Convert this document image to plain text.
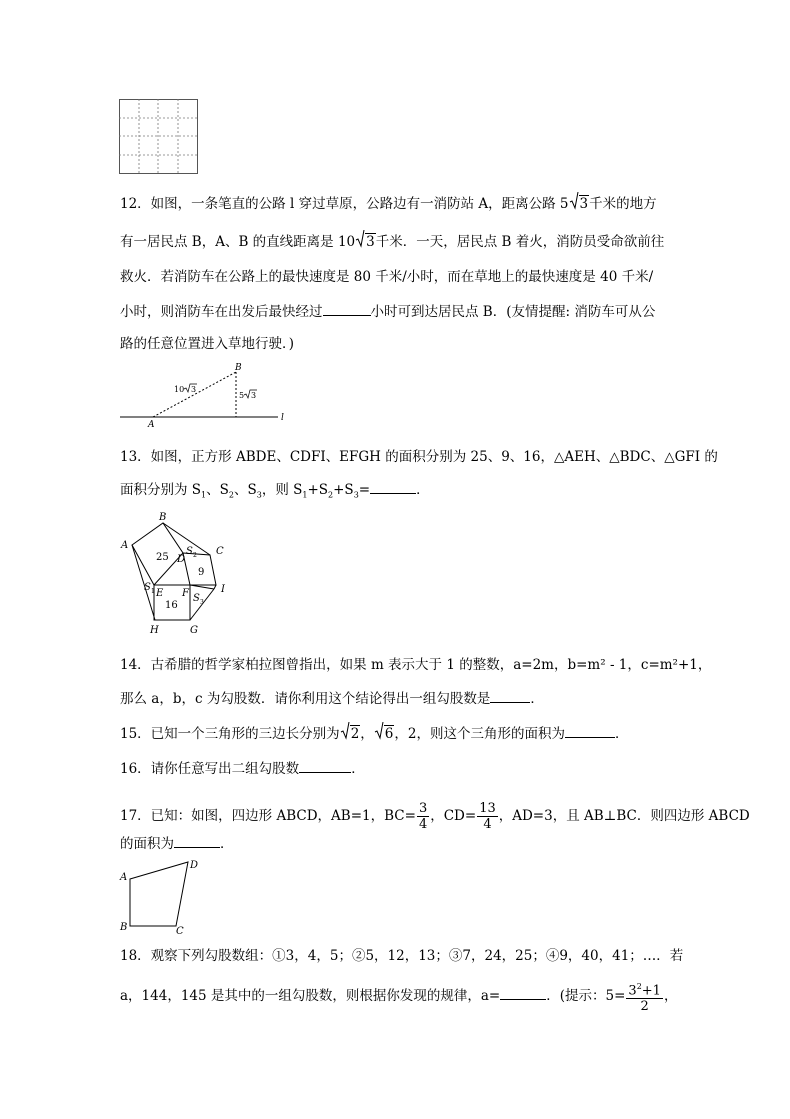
12．如图，一条笔直的公路 l 穿过草原，公路边有一消防站 A，距离公路 5 3千米的地方
有一居民点 B，A、B 的直线距离是 10 3千米．一天，居民点 B 着火，消防员受命欲前往
救火．若消防车在公路上的最快速度是 80 千米/小时，而在草地上的最快速度是 40 千米/
小时，则消防车在出发后最快经过	小时可到达居民点 B．(友情提醒: 消防车可从公
路的任意位置进入草地行驶．)
A
B
l
10 3
5 3
13．如图，正方形 ABDE、CDFI、EFGH 的面积分别为 25、9、16，△AEH、△BDC、△GFI 的
面积分别为 $S_1$、$S_2$、$S_3$，则 $S_1+S_2+S_3=$	．
A
B
C
D
E F
G
H
I
25
9
16
S 2
S 1
S 3
14．古希腊的哲学家柏拉图曾指出，如果 m 表示大于 1 的整数，a=2m，b=m² - 1，c=m²+1，
那么 a，b，c 为勾股数．请你利用这个结论得出一组勾股数是	．
15．已知一个三角形的三边长分别为 2， 6，2，则这个三角形的面积为	．
16．请你任意写出二组勾股数	．
17．已知：如图，四边形 ABCD，AB=1，$BC= \frac{3}{4}$ ，$CD= \frac{13}{4}$ ，AD=3，且 AB⊥BC．则四边形 ABCD
的面积为	．
A
B	C
D
18．观察下列勾股数组：①3，4，5；②5，12，13；③7，24，25；④9，40，41；…．若
a，144，145 是其中的一组勾股数，则根据你发现的规律，a=	．(提示：$5= \frac{3^2+1}{2}$ ，
